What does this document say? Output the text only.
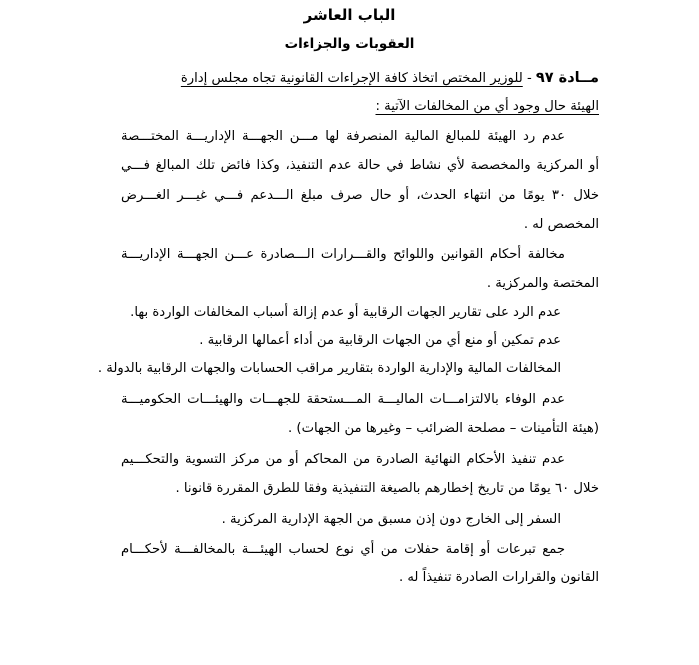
الباب العاشر
العقوبات والجزاءات
مــادة ٩٧ - للوزير المختص اتخاذ كافة الإجراءات القانونية تجاه مجلس إدارة
الهيئة حال وجود أي من المخالفات الآتية :
عدم رد الهيئة للمبالغ المالية المنصرفة لها مـــن الجهـــة الإداريـــة المختـــصة
أو المركزية والمخصصة لأي نشاط في حالة عدم التنفيذ، وكذا فائض تلك المبالغ فـــي
خلال ٣٠ يومًا من انتهاء الحدث، أو حال صرف مبلغ الـــدعم فـــي غيـــر الغـــرض
المخصص له .
مخالفة أحكام القوانين واللوائح والقـــرارات الـــصادرة عـــن الجهـــة الإداريـــة
المختصة والمركزية .
عدم الرد على تقارير الجهات الرقابية أو عدم إزالة أسباب المخالفات الواردة بها.
عدم تمكين أو منع أي من الجهات الرقابية من أداء أعمالها الرقابية .
المخالفات المالية والإدارية الواردة بتقارير مراقب الحسابات والجهات الرقابية بالدولة .
عدم الوفاء بالالتزامـــات الماليـــة المـــستحقة للجهـــات والهيئـــات الحكوميـــة
(هيئة التأمينات – مصلحة الضرائب – وغيرها من الجهات) .
عدم تنفيذ الأحكام النهائية الصادرة من المحاكم أو من مركز التسوية والتحكـــيم
خلال ٦٠ يومًا من تاريخ إخطارهم بالصيغة التنفيذية وفقا للطرق المقررة قانونا .
السفر إلى الخارج دون إذن مسبق من الجهة الإدارية المركزية .
جمع تبرعات أو إقامة حفلات من أي نوع لحساب الهيئـــة بالمخالفـــة لأحكـــام
القانون والقرارات الصادرة تنفيذاً له .
